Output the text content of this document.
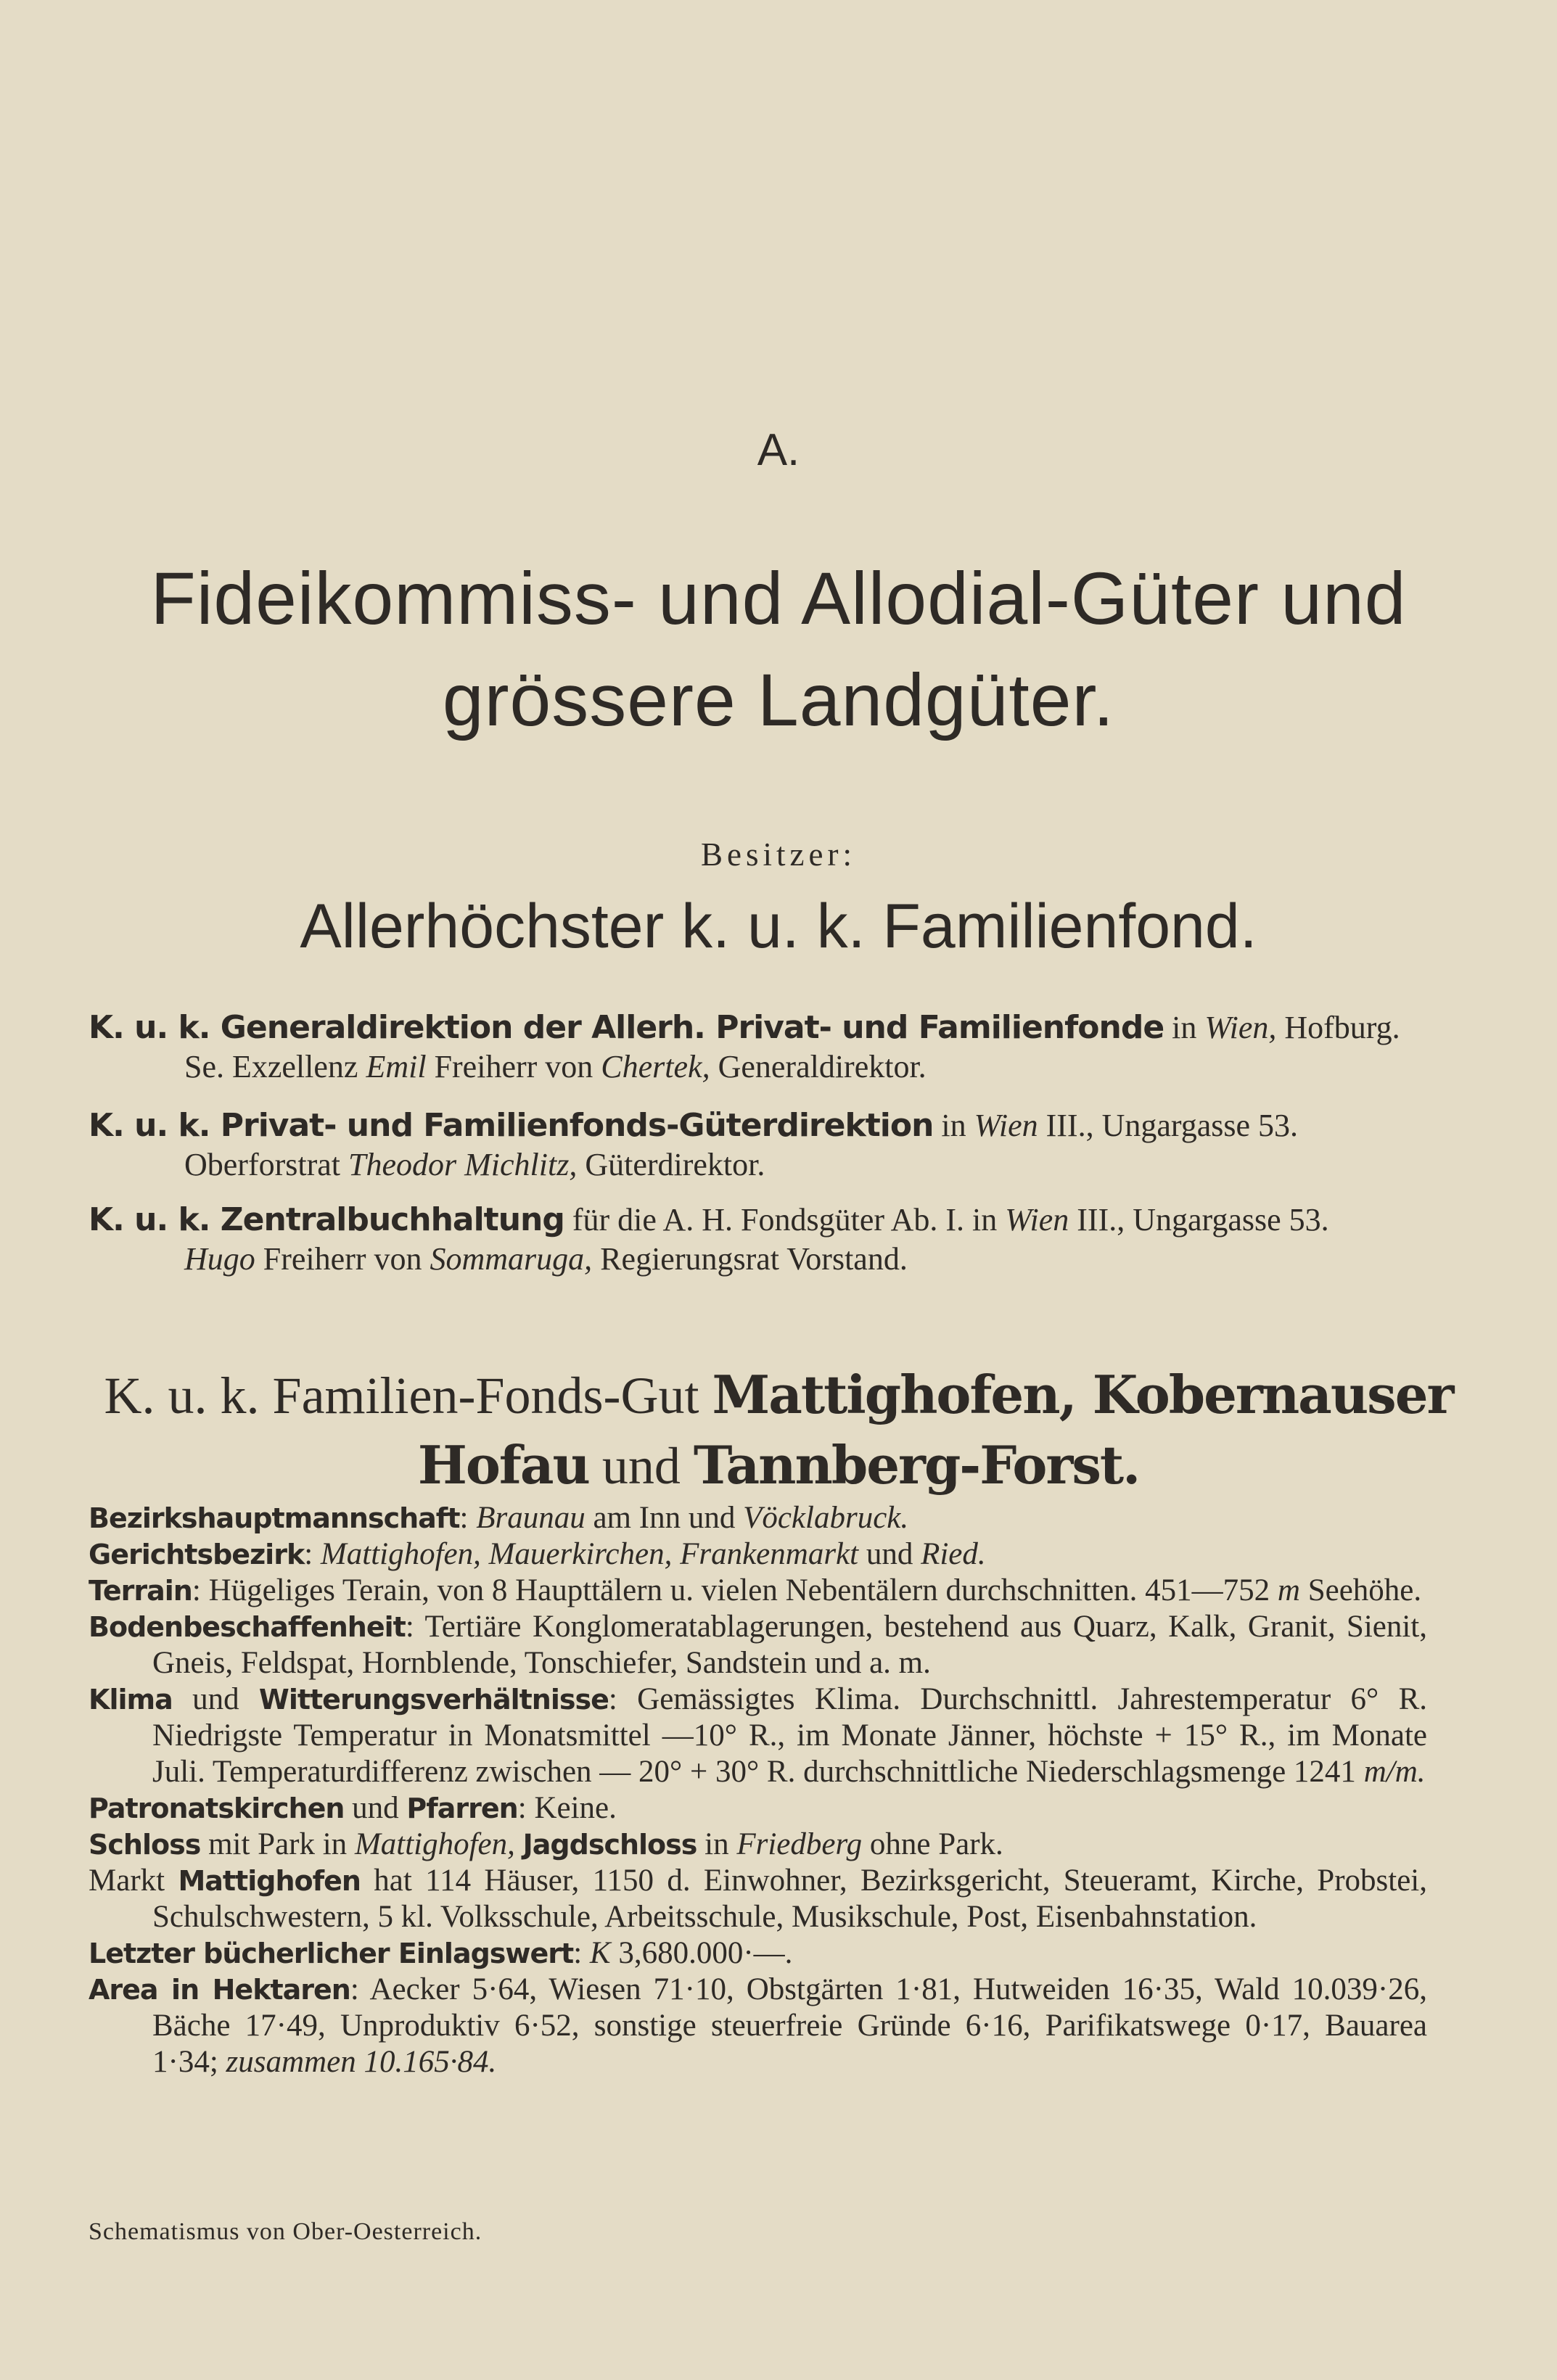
A.
Fideikommiss- und Allodial-Güter und
grössere Landgüter.
Besitzer:
Allerhöchster k. u. k. Familienfond.
K. u. k. Generaldirektion der Allerh. Privat- und Familienfonde in Wien, Hofburg.
Se. Exzellenz Emil Freiherr von Chertek, Generaldirektor.
K. u. k. Privat- und Familienfonds-Güterdirektion in Wien III., Ungargasse 53.
Oberforstrat Theodor Michlitz, Güterdirektor.
K. u. k. Zentralbuchhaltung für die A. H. Fondsgüter Ab. I. in Wien III., Ungargasse 53.
Hugo Freiherr von Sommaruga, Regierungsrat Vorstand.
K. u. k. Familien-Fonds-Gut Mattighofen, Kobernauser
Hofau und Tannberg-Forst.
Bezirkshauptmannschaft: Braunau am Inn und Vöcklabruck.
Gerichtsbezirk: Mattighofen, Mauerkirchen, Frankenmarkt und Ried.
Terrain: Hügeliges Terain, von 8 Haupttälern u. vielen Nebentälern durchschnitten. 451—752 m Seehöhe.
Bodenbeschaffenheit: Tertiäre Konglomeratablagerungen, bestehend aus Quarz, Kalk, Granit, Sienit, Gneis, Feldspat, Hornblende, Tonschiefer, Sandstein und a. m.
Klima und Witterungsverhältnisse: Gemässigtes Klima. Durchschnittl. Jahrestemperatur 6° R. Niedrigste Temperatur in Monatsmittel —10° R., im Monate Jänner, höchste + 15° R., im Monate Juli. Temperaturdifferenz zwischen — 20° + 30° R. durchschnittliche Niederschlagsmenge 1241 m/m.
Patronatskirchen und Pfarren: Keine.
Schloss mit Park in Mattighofen, Jagdschloss in Friedberg ohne Park.
Markt Mattighofen hat 114 Häuser, 1150 d. Einwohner, Bezirksgericht, Steueramt, Kirche, Probstei, Schulschwestern, 5 kl. Volksschule, Arbeitsschule, Musikschule, Post, Eisenbahnstation.
Letzter bücherlicher Einlagswert: K 3,680.000·—.
Area in Hektaren: Aecker 5·64, Wiesen 71·10, Obstgärten 1·81, Hutweiden 16·35, Wald 10.039·26, Bäche 17·49, Unproduktiv 6·52, sonstige steuerfreie Gründe 6·16, Parifikatswege 0·17, Bauarea 1·34; zusammen 10.165·84.
Schematismus von Ober-Oesterreich.
